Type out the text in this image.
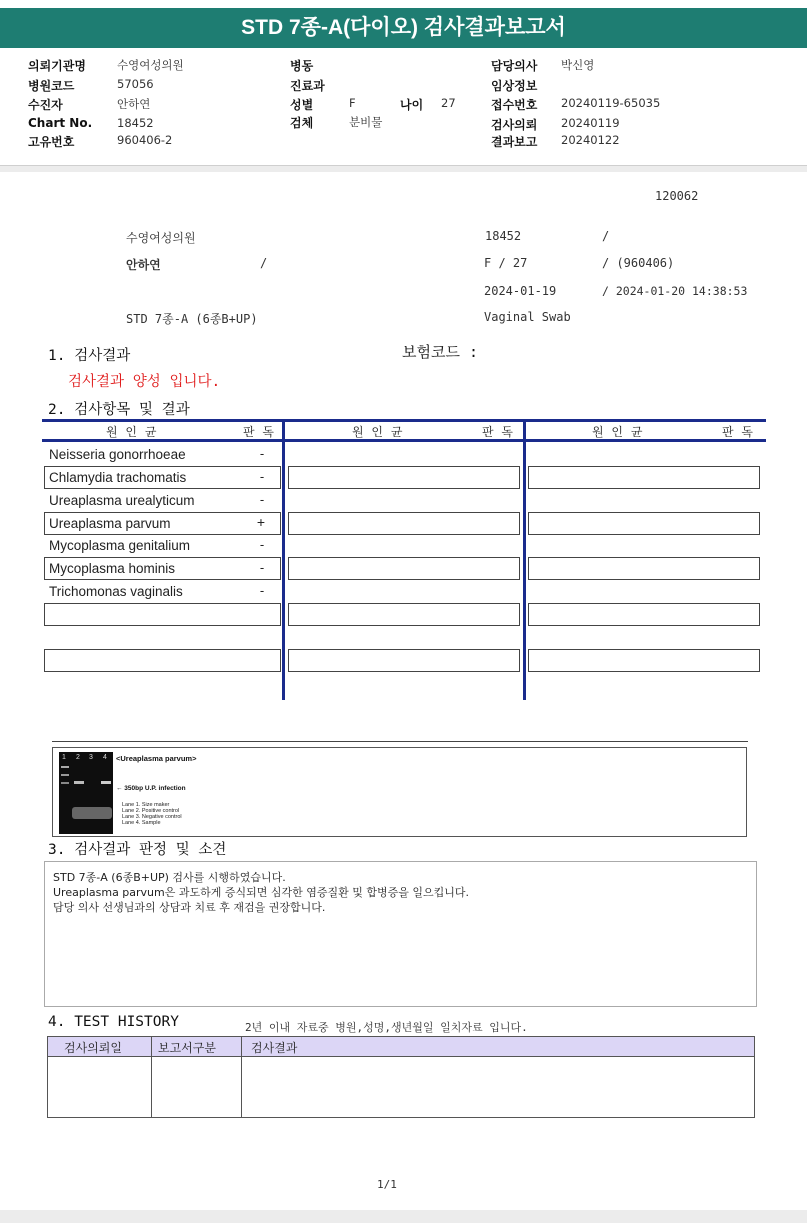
STD 7종-A(다이오) 검사결과보고서
의뢰기관명	수영여성의원
병원코드	57056
수진자	안하연
Chart No. 18452
고유번호	960406-2
병동
진료과
성별	F	나이 27
검체	분비물
담당의사 박신영
임상정보
접수번호 20240119-65035
검사의뢰 20240119
결과보고 20240122
120062
수영여성의원	18452	/
안하연	/	F / 27	/ (960406)
2024-01-19	/ 2024-01-20 14:38:53
STD 7종-A (6종B+UP)	Vaginal Swab
1. 검사결과	보험코드 :
검사결과 양성 입니다.
2. 검사항목 및 결과
원 인 균	판 독	원 인 균	판 독	원 인 균	판 독
Neisseria gonorrhoeae	-
Chlamydia trachomatis	-
Ureaplasma urealyticum	-
Ureaplasma parvum	+
Mycoplasma genitalium	-
Mycoplasma hominis	-
Trichomonas vaginalis	-
1 2 3 4 <Ureaplasma parvum>
← 350bp U.P. infection
Lane 1. Size maker
Lane 2. Positive control
Lane 3. Negative control
Lane 4. Sample
3. 검사결과 판정 및 소견
STD 7종-A (6종B+UP) 검사를 시행하였습니다.
Ureaplasma parvum은 과도하게 증식되면 심각한 염증질환 및 합병증을 일으킵니다.
담당 의사 선생님과의 상담과 치료 후 재검을 권장합니다.
4. TEST HISTORY	2년 이내 자료중 병원,성명,생년월일 일치자료 입니다.
검사의뢰일	보고서구분	검사결과
1/1
